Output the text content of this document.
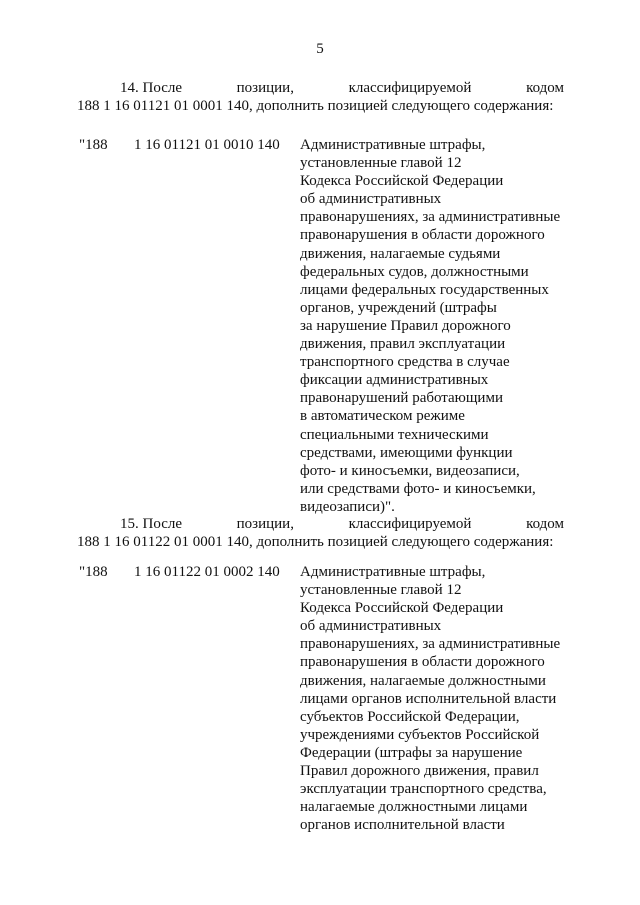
5
14. После	позиции,	классифицируемой	кодом
188 1 16 01121 01 0001 140, дополнить позицией следующего содержания:
"188 1 16 01121 01 0010 140 Административные штрафы,
установленные главой 12
Кодекса Российской Федерации
об административных
правонарушениях, за административные
правонарушения в области дорожного
движения, налагаемые судьями
федеральных судов, должностными
лицами федеральных государственных
органов, учреждений (штрафы
за нарушение Правил дорожного
движения, правил эксплуатации
транспортного средства в случае
фиксации административных
правонарушений работающими
в автоматическом режиме
специальными техническими
средствами, имеющими функции
фото- и киносъемки, видеозаписи,
или средствами фото- и киносъемки,
видеозаписи)".
15. После	позиции,	классифицируемой	кодом
188 1 16 01122 01 0001 140, дополнить позицией следующего содержания:
"188 1 16 01122 01 0002 140 Административные штрафы,
установленные главой 12
Кодекса Российской Федерации
об административных
правонарушениях, за административные
правонарушения в области дорожного
движения, налагаемые должностными
лицами органов исполнительной власти
субъектов Российской Федерации,
учреждениями субъектов Российской
Федерации (штрафы за нарушение
Правил дорожного движения, правил
эксплуатации транспортного средства,
налагаемые должностными лицами
органов исполнительной власти
